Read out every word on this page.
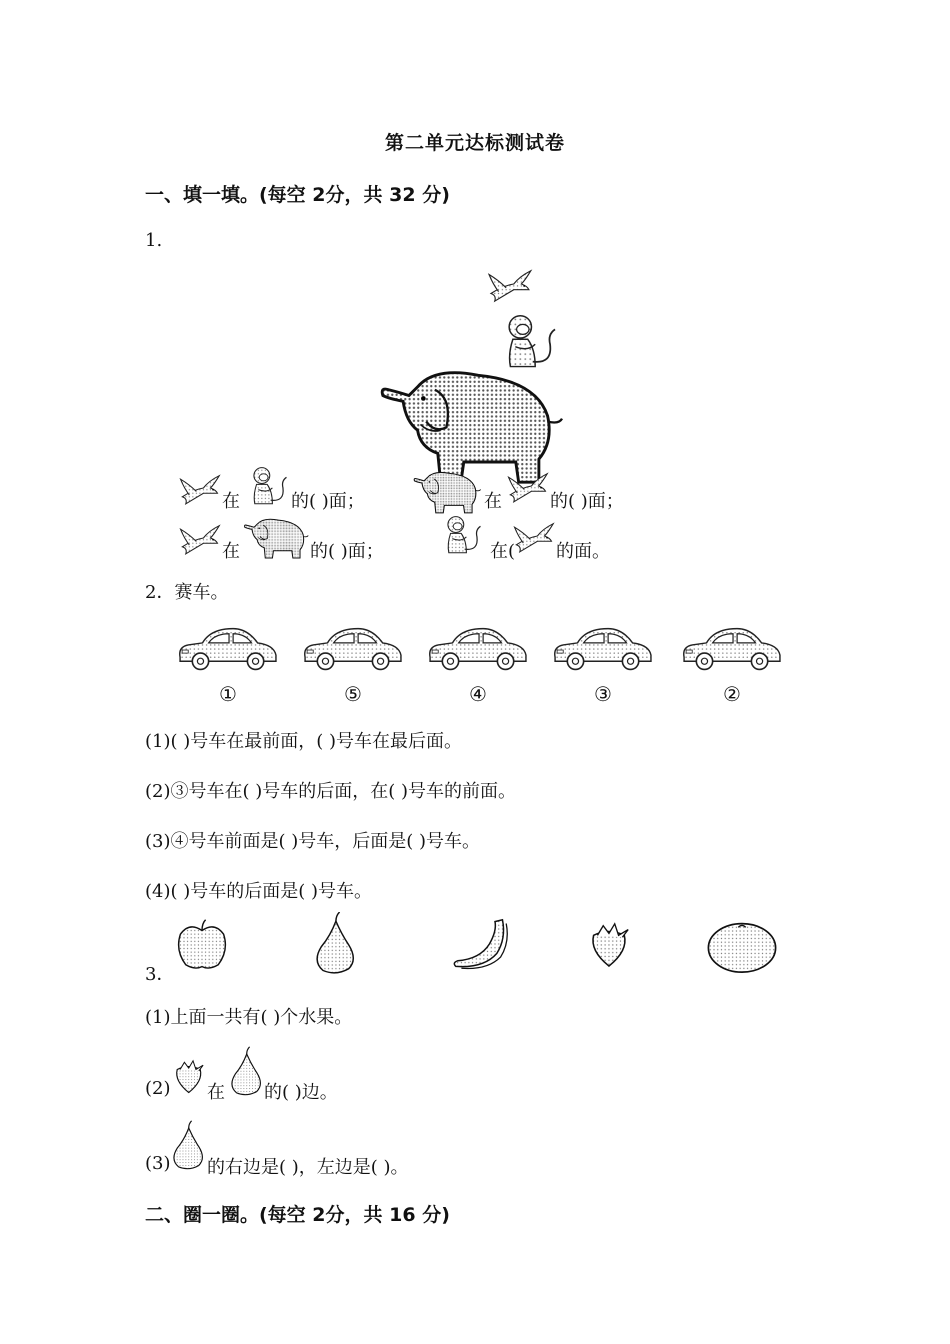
第二单元达标测试卷
一、填一填。(每空 2分，共 32 分)
1.
在	的( )面；	在	的( )面；
在	的( )面；	在( 的面。
2．赛车。
①	⑤	④	③	②
(1)( )号车在最前面，( )号车在最后面。
(2)③号车在( )号车的后面，在( )号车的前面。
(3)④号车前面是( )号车，后面是( )号车。
(4)( )号车的后面是( )号车。
3．
(1)上面一共有( )个水果。
(2) 在 的( )边。
(3) 的右边是( )，左边是( )。
二、圈一圈。(每空 2分，共 16 分)
